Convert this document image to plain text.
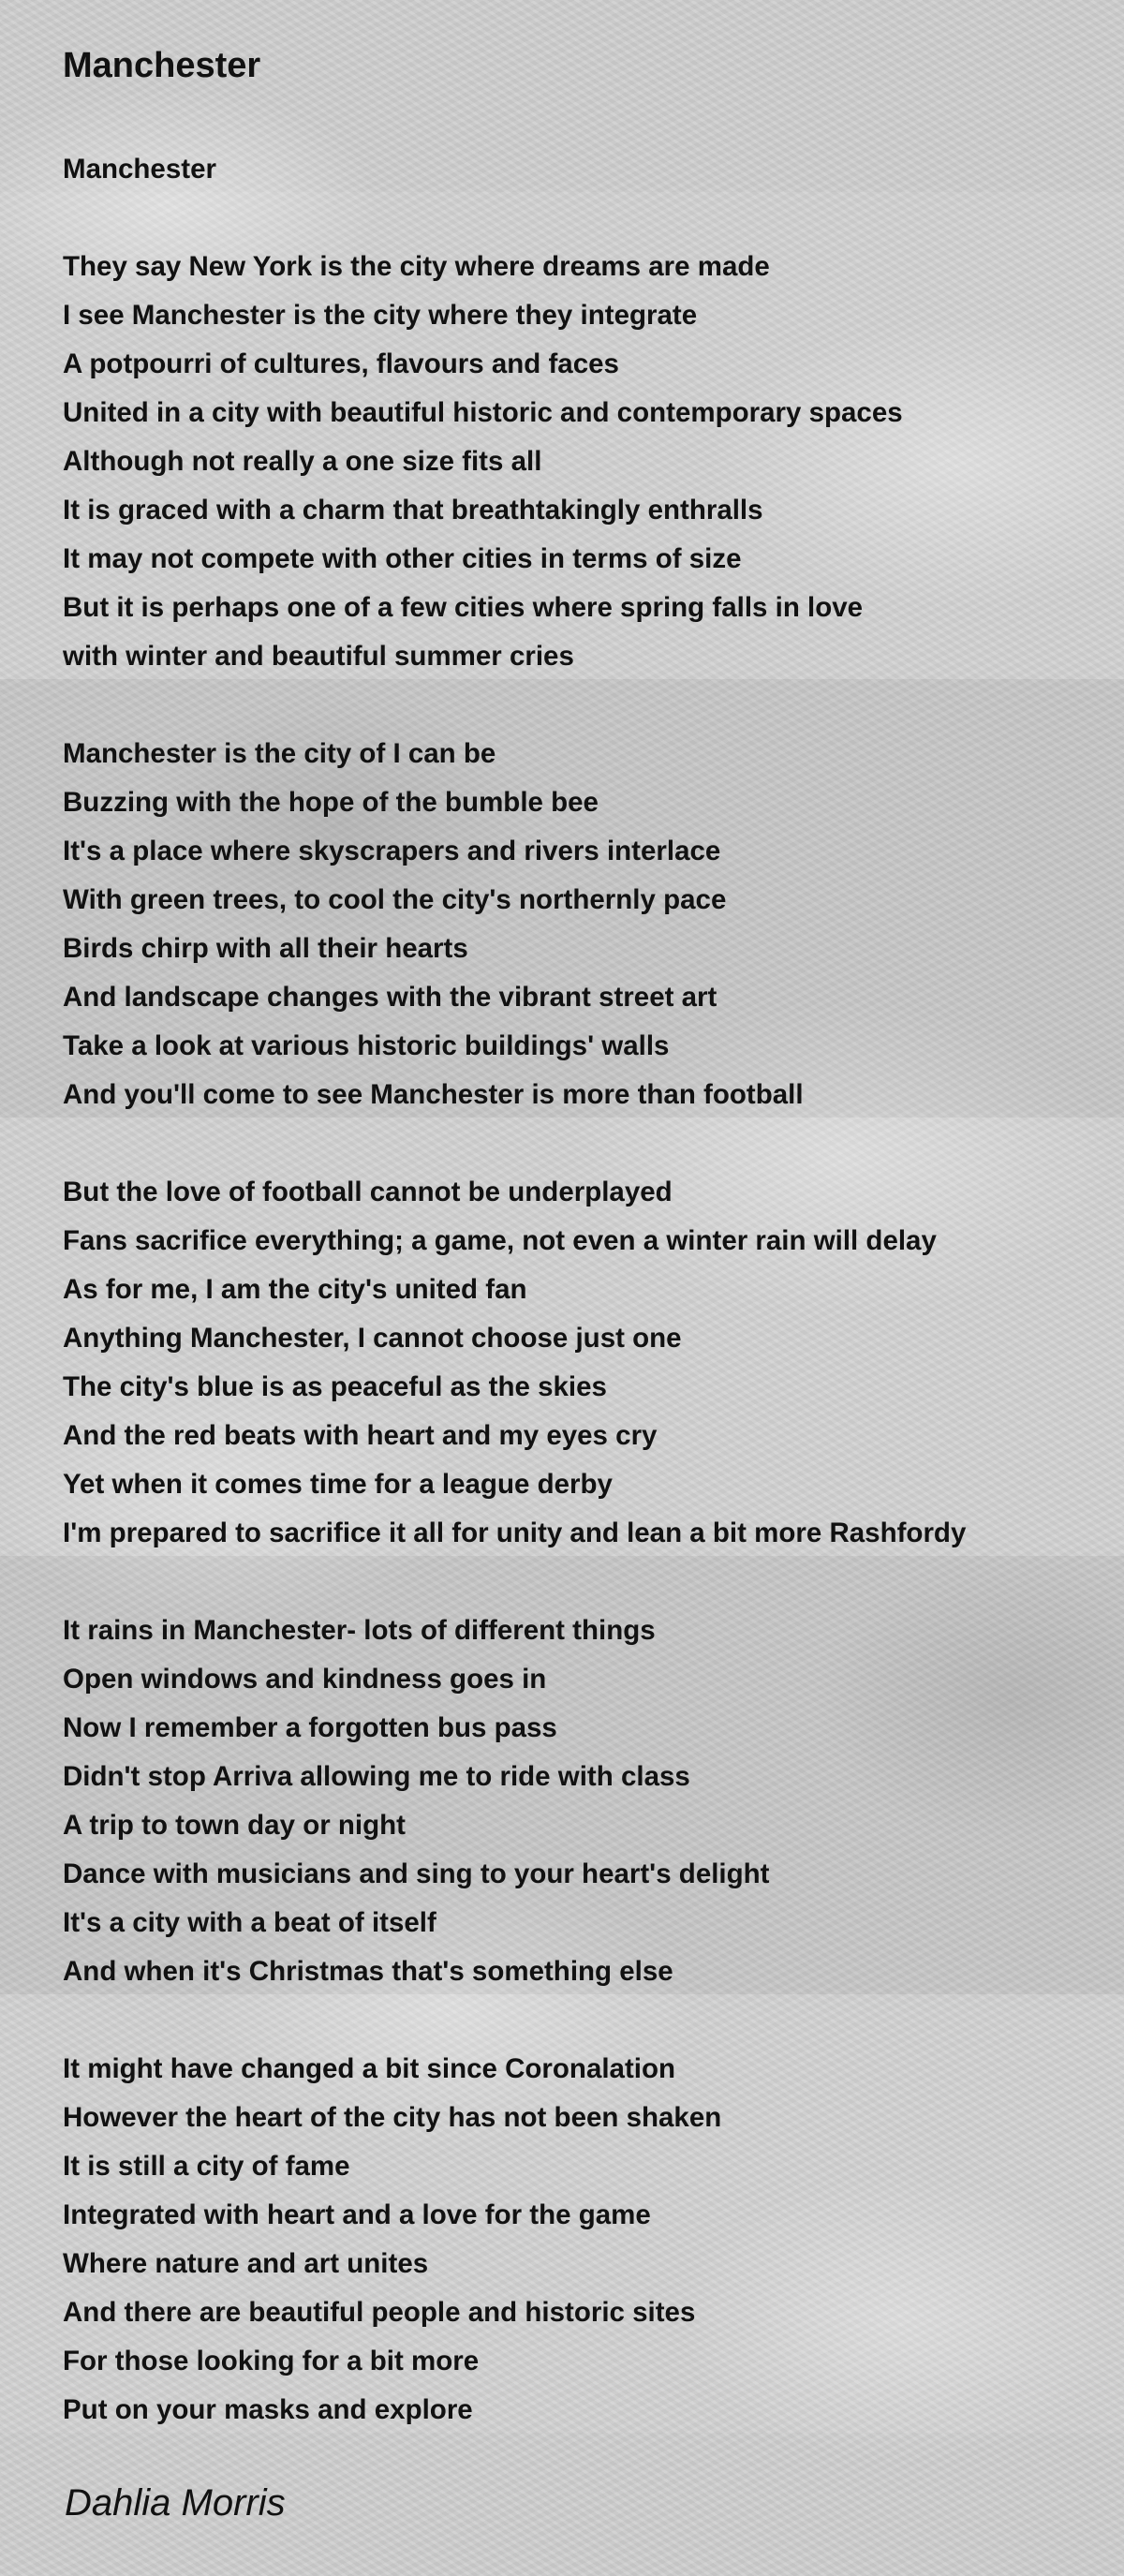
Manchester
Manchester
They say New York is the city where dreams are made
I see Manchester is the city where they integrate
A potpourri of cultures, flavours and faces
United in a city with beautiful historic and contemporary spaces
Although not really a one size fits all
It is graced with a charm that breathtakingly enthralls
It may not compete with other cities in terms of size
But it is perhaps one of a few cities where spring falls in love
with winter and beautiful summer cries
Manchester is the city of I can be
Buzzing with the hope of the bumble bee
It's a place where skyscrapers and rivers interlace
With green trees, to cool the city's northernly pace
Birds chirp with all their hearts
And landscape changes with the vibrant street art
Take a look at various historic buildings' walls
And you'll come to see Manchester is more than football
But the love of football cannot be underplayed
Fans sacrifice everything; a game, not even a winter rain will delay
As for me, I am the city's united fan
Anything Manchester, I cannot choose just one
The city's blue is as peaceful as the skies
And the red beats with heart and my eyes cry
Yet when it comes time for a league derby
I'm prepared to sacrifice it all for unity and lean a bit more Rashfordy
It rains in Manchester- lots of different things
Open windows and kindness goes in
Now I remember a forgotten bus pass
Didn't stop Arriva allowing me to ride with class
A trip to town day or night
Dance with musicians and sing to your heart's delight
It's a city with a beat of itself
And when it's Christmas that's something else
It might have changed a bit since Coronalation
However the heart of the city has not been shaken
It is still a city of fame
Integrated with heart and a love for the game
Where nature and art unites
And there are beautiful people and historic sites
For those looking for a bit more
Put on your masks and explore
Dahlia Morris
